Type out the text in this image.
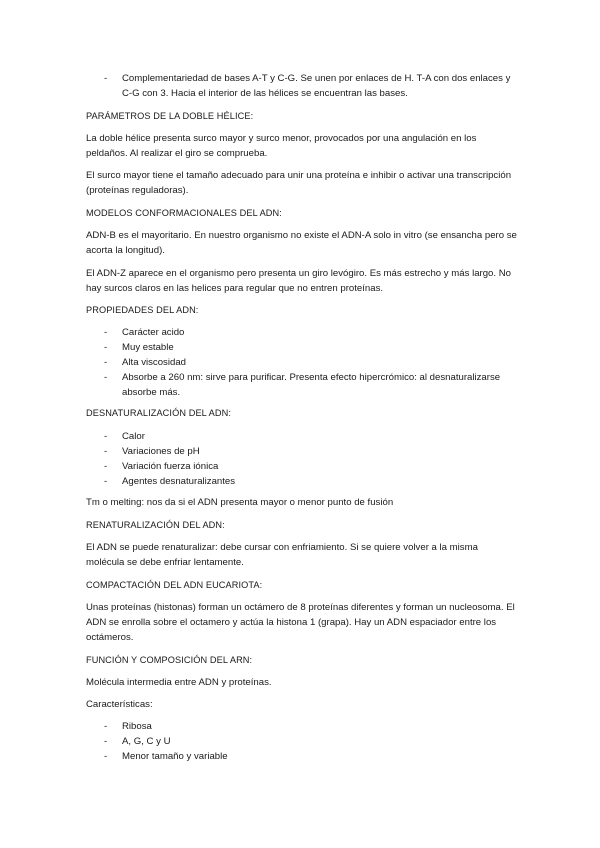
- Complementariedad de bases A-T y C-G. Se unen por enlaces de H. T-A con dos enlaces y C-G con 3. Hacia el interior de las hélices se encuentran las bases.

PARÁMETROS DE LA DOBLE HÉLICE:

La doble hélice presenta surco mayor y surco menor, provocados por una angulación en los peldaños. Al realizar el giro se comprueba.

El surco mayor tiene el tamaño adecuado para unir una proteína e inhibir o activar una transcripción (proteínas reguladoras).

MODELOS CONFORMACIONALES DEL ADN:

ADN-B es el mayoritario. En nuestro organismo no existe el ADN-A solo in vitro (se ensancha pero se acorta la longitud).

El ADN-Z aparece en el organismo pero presenta un giro levógiro. Es más estrecho y más largo. No hay surcos claros en las helices para regular que no entren proteínas.

PROPIEDADES DEL ADN:

- Carácter acido
- Muy estable
- Alta viscosidad
- Absorbe a 260 nm: sirve para purificar. Presenta efecto hipercrómico: al desnaturalizarse absorbe más.

DESNATURALIZACIÓN DEL ADN:

- Calor
- Variaciones de pH
- Variación fuerza iónica
- Agentes desnaturalizantes

Tm o melting: nos da si el ADN presenta mayor o menor punto de fusión

RENATURALIZACIÓN DEL ADN:

El ADN se puede renaturalizar: debe cursar con enfriamiento. Si se quiere volver a la misma molécula se debe enfriar lentamente.

COMPACTACIÓN DEL ADN EUCARIOTA:

Unas proteínas (histonas) forman un octámero de 8 proteínas diferentes y forman un nucleosoma. El ADN se enrolla sobre el octamero y actúa la histona 1 (grapa). Hay un ADN espaciador entre los octámeros.

FUNCIÓN Y COMPOSICIÓN DEL ARN:

Molécula intermedia entre ADN y proteínas.

Características:

- Ribosa
- A, G, C y U
- Menor tamaño y variable
